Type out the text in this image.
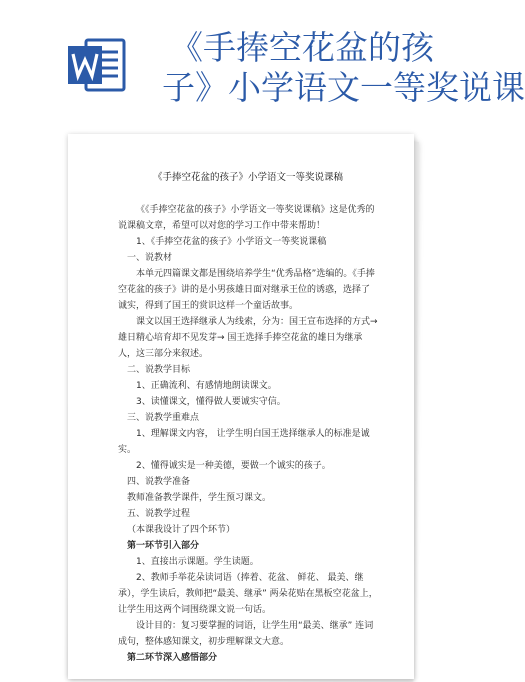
《手捧空花盆的孩
子》小学语文一等奖说课

《手捧空花盆的孩子》小学语文一等奖说课稿

《《手捧空花盆的孩子》小学语文一等奖说课稿》这是优秀的说课稿文章，希望可以对您的学习工作中带来帮助！

1、《手捧空花盆的孩子》小学语文一等奖说课稿

一、说教材

本单元四篇课文都是围绕培养学生“优秀品格”选编的。《手捧空花盆的孩子》讲的是小男孩雄日面对继承王位的诱惑，选择了诚实，得到了国王的赏识这样一个童话故事。

课文以国王选择继承人为线索，分为：国王宣布选择的方式→雄日精心培育却不见发芽→ 国王选择手捧空花盆的雄日为继承人，这三部分来叙述。

二、说教学目标

1、正确流利、有感情地朗读课文。

3、读懂课文，懂得做人要诚实守信。

三、说教学重难点

1、理解课文内容， 让学生明白国王选择继承人的标准是诚实。

2、懂得诚实是一种美德，要做一个诚实的孩子。

四、说教学准备

教师准备教学课件，学生预习课文。

五、说教学过程

（本课我设计了四个环节）

第一环节引入部分

1、直接出示课题。学生读题。

2、教师手举花朵读词语（捧着、花盆、 鲜花、 最美、继承），学生读后，教师把“最美、继承” 两朵花贴在黑板空花盆上，让学生用这两个词围绕课文说一句话。

设计目的：复习要掌握的词语，让学生用“最美、继承” 连词成句，整体感知课文，初步理解课文大意。

第二环节深入感悟部分
